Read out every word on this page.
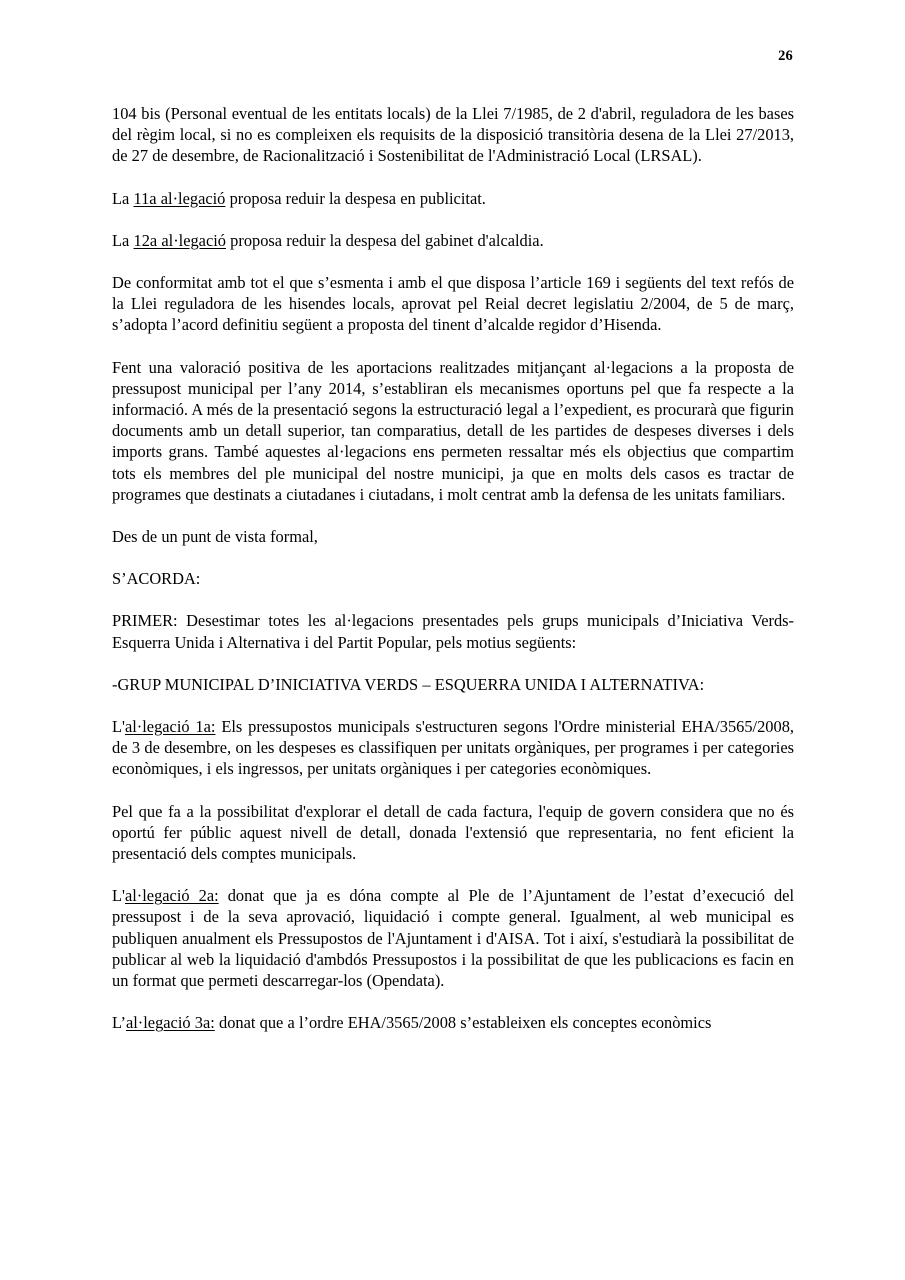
26

104 bis (Personal eventual de les entitats locals) de la Llei 7/1985, de 2 d'abril, reguladora de les bases del règim local, si no es compleixen els requisits de la disposició transitòria desena de la Llei 27/2013, de 27 de desembre, de Racionalització i Sostenibilitat de l'Administració Local (LRSAL).

La 11a al·legació proposa reduir la despesa en publicitat.

La 12a al·legació proposa reduir la despesa del gabinet d'alcaldia.

De conformitat amb tot el que s’esmenta i amb el que disposa l’article 169 i següents del text refós de la Llei reguladora de les hisendes locals, aprovat pel Reial decret legislatiu 2/2004, de 5 de març, s’adopta l’acord definitiu següent a proposta del tinent d’alcalde regidor d’Hisenda.

Fent una valoració positiva de les aportacions realitzades mitjançant al·legacions a la proposta de pressupost municipal per l’any 2014, s’establiran els mecanismes oportuns pel que fa respecte a la informació. A més de la presentació segons la estructuració legal a l’expedient, es procurarà que figurin documents amb un detall superior, tan comparatius, detall de les partides de despeses diverses i dels imports grans. També aquestes al·legacions ens permeten ressaltar més els objectius que compartim tots els membres del ple municipal del nostre municipi, ja que en molts dels casos es tractar de programes que destinats a ciutadanes i ciutadans, i molt centrat amb la defensa de les unitats familiars.

Des de un punt de vista formal,

S’ACORDA:

PRIMER: Desestimar totes les al·legacions presentades pels grups municipals d’Iniciativa Verds- Esquerra Unida i Alternativa i del Partit Popular, pels motius següents:

-GRUP MUNICIPAL D’INICIATIVA VERDS – ESQUERRA UNIDA I ALTERNATIVA:

L'al·legació 1a: Els pressupostos municipals s'estructuren segons l'Ordre ministerial EHA/3565/2008, de 3 de desembre, on les despeses es classifiquen per unitats orgàniques, per programes i per categories econòmiques, i els ingressos, per unitats orgàniques i per categories econòmiques.

Pel que fa a la possibilitat d'explorar el detall de cada factura, l'equip de govern considera que no és oportú fer públic aquest nivell de detall, donada l'extensió que representaria, no fent eficient la presentació dels comptes municipals.

L'al·legació 2a: donat que ja es dóna compte al Ple de l’Ajuntament de l’estat d’execució del pressupost i de la seva aprovació, liquidació i compte general. Igualment, al web municipal es publiquen anualment els Pressupostos de l'Ajuntament i d'AISA. Tot i així, s'estudiarà la possibilitat de publicar al web la liquidació d'ambdós Pressupostos i la possibilitat de que les publicacions es facin en un format que permeti descarregar-los (Opendata).

L’al·legació 3a: donat que a l’ordre EHA/3565/2008 s’estableixen els conceptes econòmics
